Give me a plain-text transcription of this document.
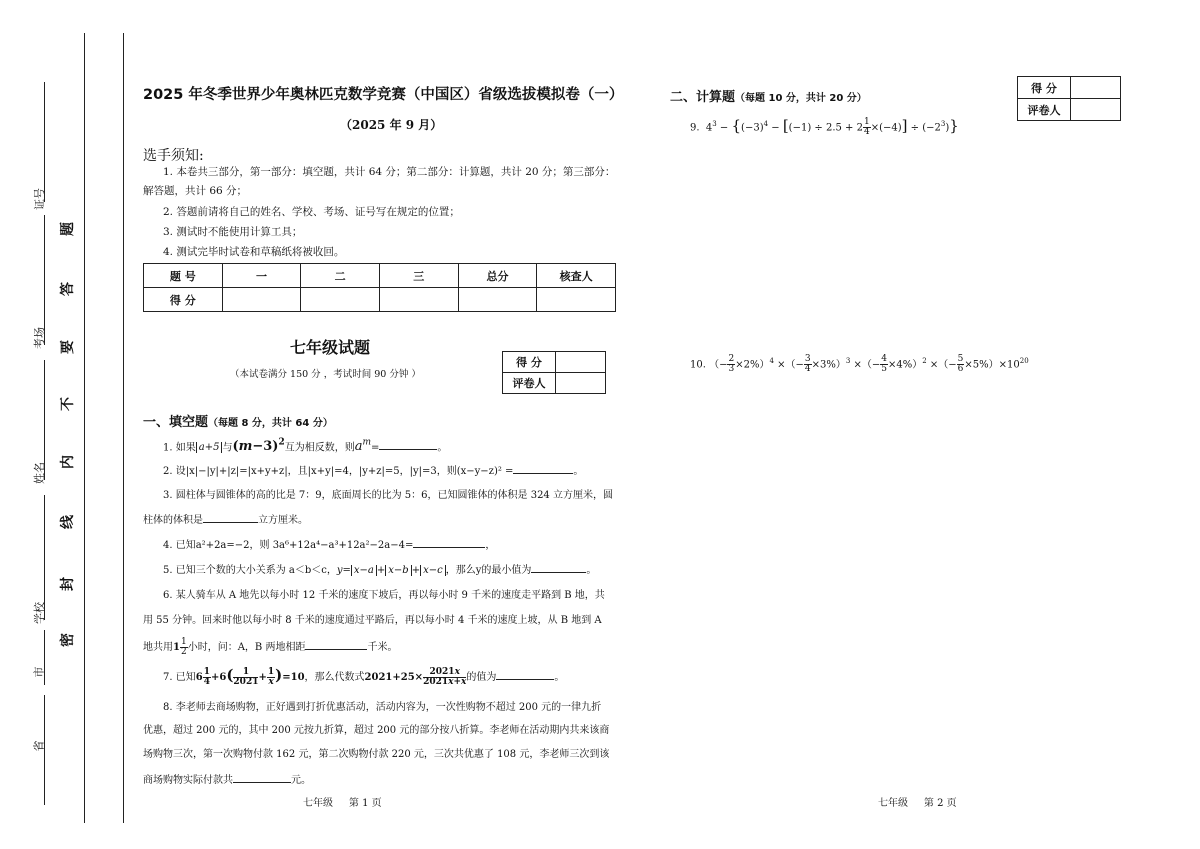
证号
考场
姓名
学校
市
省
题
答
要
不
内
线
封
密
2025 年冬季世界少年奥林匹克数学竞赛（中国区）省级选拔模拟卷（一）
（2025 年 9 月）
选手须知:
1. 本卷共三部分，第一部分：填空题，共计 64 分；第二部分：计算题，共计 20 分；第三部分：
解答题，共计 66 分；
2. 答题前请将自己的姓名、学校、考场、证号写在规定的位置；
3. 测试时不能使用计算工具；
4. 测试完毕时试卷和草稿纸将被收回。
题 号	一	二	三	总分	核查人
得 分					
七年级试题
（本试卷满分 150 分 ，考试时间 90 分钟 ）
得 分	
评卷人	
一、填空题（每题 8 分，共计 64 分）
1. 如果 a+5 与$(m-3)^2$互为相反数，则$a^m=$	。
2. 设|x|−|y|+|z|=|x+y+z|，且|x+y|=4，|y+z|=5，|y|=3，则(x−y−z)² =	。
3. 圆柱体与圆锥体的高的比是 7：9，底面周长的比为 5：6，已知圆锥体的体积是 324 立方厘米，圆
柱体的体积是	立方厘米。
4. 已知a²+2a=−2，则 3a⁶+12a⁴−a³+12a²−2a−4=	，
5. 已知三个数的大小关系为 a＜b＜c，y= x−a + x−b + x−c ，那么y的最小值为	。
6. 某人骑车从 A 地先以每小时 12 千米的速度下坡后，再以每小时 9 千米的速度走平路到 B 地，共
用 55 分钟。回来时他以每小时 8 千米的速度通过平路后，再以每小时 4 千米的速度上坡，从 B 地到 A
地共用$1 \frac{1}{2}$ 小时，问：A，B 两地相距	千米。
7. 已知$6 \frac{1}{4} +6( \frac{1}{2021} + \frac{1}{x} )=10$，那么代数式$2021+25\times \frac{2021x}{2021x+x}$ 的值为	。
8. 李老师去商场购物，正好遇到打折优惠活动，活动内容为，一次性购物不超过 200 元的一律九折
优惠，超过 200 元的，其中 200 元按九折算，超过 200 元的部分按八折算。李老师在活动期内共来该商
场购物三次，第一次购物付款 162 元，第二次购物付款 220 元，三次共优惠了 108 元，李老师三次到该
商场购物实际付款共	元。
七年级 第 1 页
二、计算题（每题 10 分，共计 20 分）
得 分	
评卷人	
9.  $4^3 - \{(-3)^4 - [(-1) \div 2.5 + 2 \frac{1}{4} \times(-4)] \div (-2^3)\}$
10. （− $\frac{2}{3} \times 2\%)^4$ ×（− $\frac{3}{4} \times 3\%)^3$ ×（− $\frac{4}{5} \times 4\%)^2$ ×（− $\frac{5}{6} \times 5\%)\times 10^{20}$
七年级 第 2 页
